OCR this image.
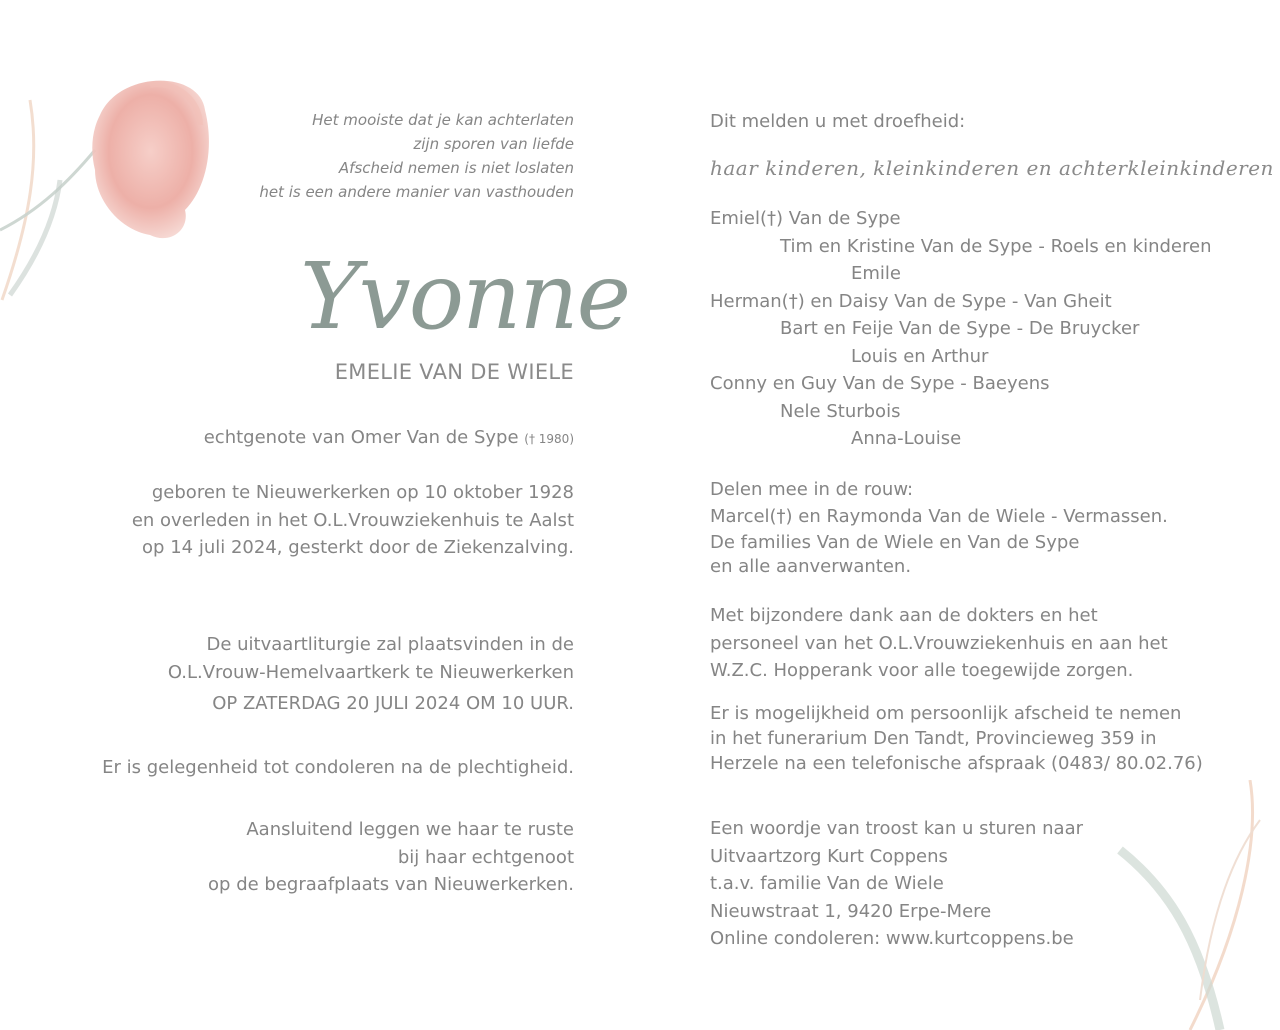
Het mooiste dat je kan achterlaten
zijn sporen van liefde
Afscheid nemen is niet loslaten
het is een andere manier van vasthouden
Yvonne
EMELIE VAN DE WIELE
echtgenote van Omer Van de Sype († 1980)
geboren te Nieuwerkerken op 10 oktober 1928
en overleden in het O.L.Vrouwziekenhuis te Aalst
op 14 juli 2024, gesterkt door de Ziekenzalving.
De uitvaartliturgie zal plaatsvinden in de
O.L.Vrouw-Hemelvaartkerk te Nieuwerkerken
OP ZATERDAG 20 JULI 2024 OM 10 UUR.
Er is gelegenheid tot condoleren na de plechtigheid.
Aansluitend leggen we haar te ruste
bij haar echtgenoot
op de begraafplaats van Nieuwerkerken.
Dit melden u met droefheid:
haar kinderen, kleinkinderen en achterkleinkinderen
Emiel(†) Van de Sype
Tim en Kristine Van de Sype - Roels en kinderen
Emile
Herman(†) en Daisy Van de Sype - Van Gheit
Bart en Feije Van de Sype - De Bruycker
Louis en Arthur
Conny en Guy Van de Sype - Baeyens
Nele Sturbois
Anna-Louise
Delen mee in de rouw:
Marcel(†) en Raymonda Van de Wiele - Vermassen.
De families Van de Wiele en Van de Sype
en alle aanverwanten.
Met bijzondere dank aan de dokters en het
personeel van het O.L.Vrouwziekenhuis en aan het
W.Z.C. Hopperank voor alle toegewijde zorgen.
Er is mogelijkheid om persoonlijk afscheid te nemen
in het funerarium Den Tandt, Provincieweg 359 in
Herzele na een telefonische afspraak (0483/ 80.02.76)
Een woordje van troost kan u sturen naar
Uitvaartzorg Kurt Coppens
t.a.v. familie Van de Wiele
Nieuwstraat 1, 9420 Erpe-Mere
Online condoleren: www.kurtcoppens.be
